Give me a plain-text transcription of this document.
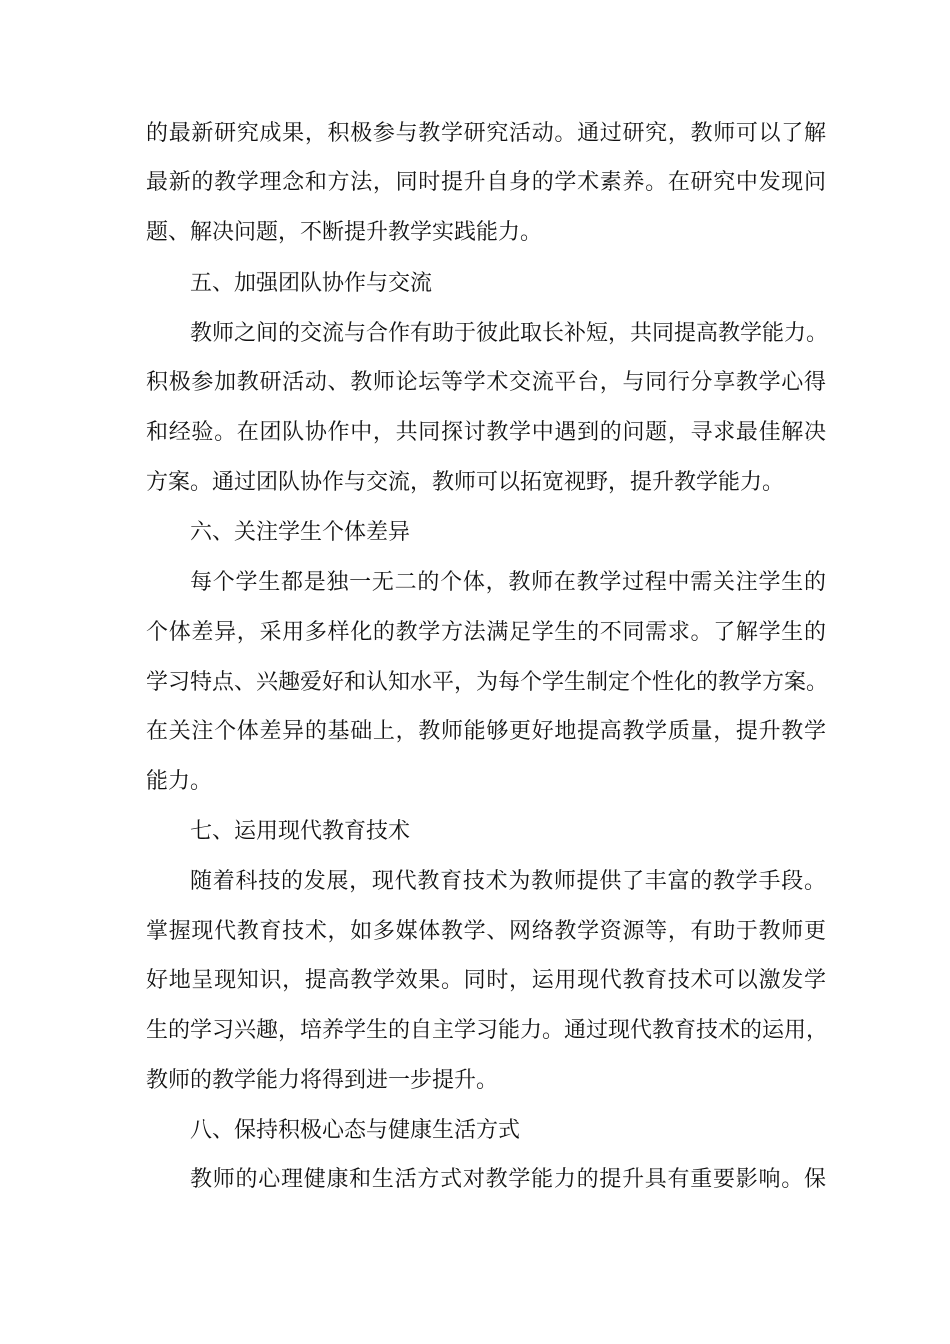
的最新研究成果，积极参与教学研究活动。通过研究，教师可以了解

最新的教学理念和方法，同时提升自身的学术素养。在研究中发现问

题、解决问题，不断提升教学实践能力。

五、加强团队协作与交流

教师之间的交流与合作有助于彼此取长补短，共同提高教学能力。

积极参加教研活动、教师论坛等学术交流平台，与同行分享教学心得

和经验。在团队协作中，共同探讨教学中遇到的问题，寻求最佳解决

方案。通过团队协作与交流，教师可以拓宽视野，提升教学能力。

六、关注学生个体差异

每个学生都是独一无二的个体，教师在教学过程中需关注学生的

个体差异，采用多样化的教学方法满足学生的不同需求。了解学生的

学习特点、兴趣爱好和认知水平，为每个学生制定个性化的教学方案。

在关注个体差异的基础上，教师能够更好地提高教学质量，提升教学

能力。

七、运用现代教育技术

随着科技的发展，现代教育技术为教师提供了丰富的教学手段。

掌握现代教育技术，如多媒体教学、网络教学资源等，有助于教师更

好地呈现知识，提高教学效果。同时，运用现代教育技术可以激发学

生的学习兴趣，培养学生的自主学习能力。通过现代教育技术的运用，

教师的教学能力将得到进一步提升。

八、保持积极心态与健康生活方式

教师的心理健康和生活方式对教学能力的提升具有重要影响。保
